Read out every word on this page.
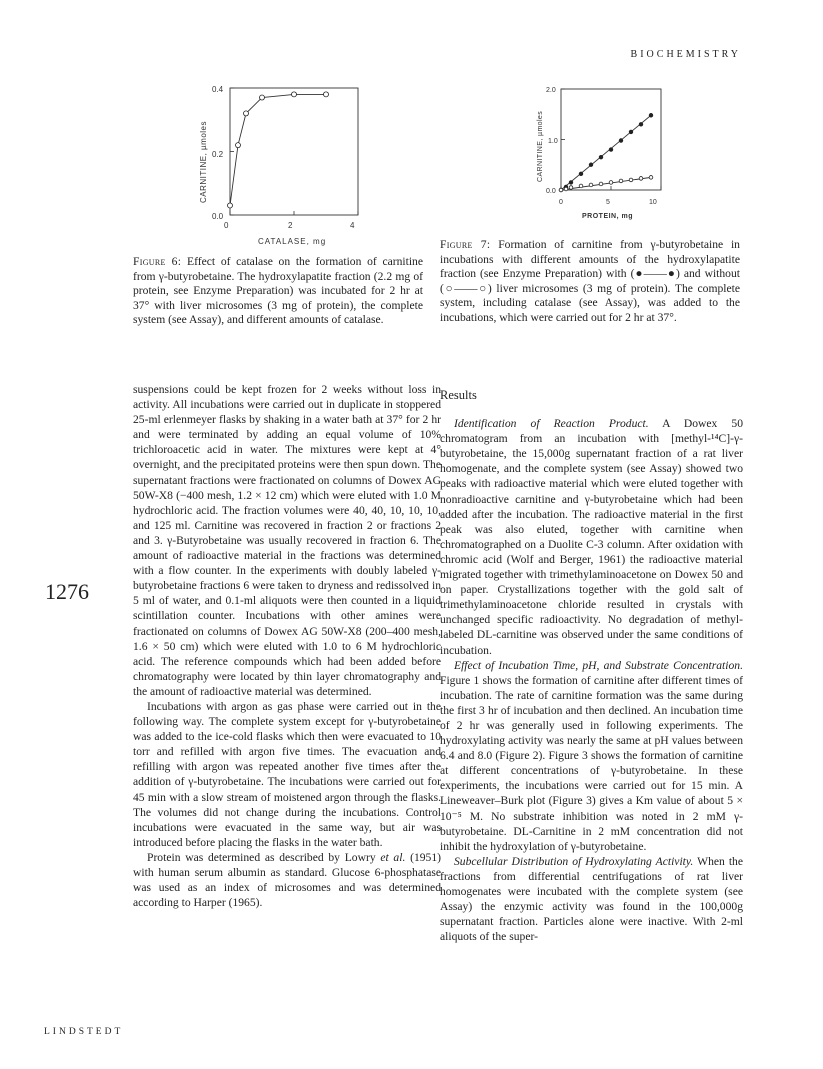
BIOCHEMISTRY
CARNITINE, µmoles
0.4
0.2
0.0
0	2	4
CATALASE, mg
Figure 6: Effect of catalase on the formation of carnitine from γ-butyrobetaine. The hydroxylapatite fraction (2.2 mg of protein, see Enzyme Preparation) was incubated for 2 hr at 37° with liver microsomes (3 mg of protein), the complete system (see Assay), and different amounts of catalase.
CARNITINE, µmoles
2.0
1.0
0.0
0	5	10
PROTEIN, mg
Figure 7: Formation of carnitine from γ-butyrobetaine in incubations with different amounts of the hydroxylapatite fraction (see Enzyme Preparation) with (●——●) and without (○——○) liver microsomes (3 mg of protein). The complete system, including catalase (see Assay), was added to the incubations, which were carried out for 2 hr at 37°.

suspensions could be kept frozen for 2 weeks without loss in activity. All incubations were carried out in duplicate in stoppered 25-ml erlenmeyer flasks by shaking in a water bath at 37° for 2 hr and were terminated by adding an equal volume of 10% trichloroacetic acid in water. The mixtures were kept at 4° overnight, and the precipitated proteins were then spun down. The supernatant fractions were fractionated on columns of Dowex AG 50W-X8 (−400 mesh, 1.2 × 12 cm) which were eluted with 1.0 M hydrochloric acid. The fraction volumes were 40, 40, 10, 10, 10, and 125 ml. Carnitine was recovered in fraction 2 or fractions 2 and 3. γ-Butyrobetaine was usually recovered in fraction 6. The amount of radioactive material in the fractions was determined with a flow counter. In the experiments with doubly labeled γ-butyrobetaine fractions 6 were taken to dryness and redissolved in 5 ml of water, and 0.1-ml aliquots were then counted in a liquid scintillation counter. Incubations with other amines were fractionated on columns of Dowex AG 50W-X8 (200–400 mesh, 1.6 × 50 cm) which were eluted with 1.0 to 6 M hydrochloric acid. The reference compounds which had been added before chromatography were located by thin layer chromatography and the amount of radioactive material was determined.

Incubations with argon as gas phase were carried out in the following way. The complete system except for γ-butyrobetaine was added to the ice-cold flasks which then were evacuated to 10 torr and refilled with argon five times. The evacuation and refilling with argon was repeated another five times after the addition of γ-butyrobetaine. The incubations were carried out for 45 min with a slow stream of moistened argon through the flasks. The volumes did not change during the incubations. Control incubations were evacuated in the same way, but air was introduced before placing the flasks in the water bath.

Protein was determined as described by Lowry et al. (1951) with human serum albumin as standard. Glucose 6-phosphatase was used as an index of microsomes and was determined according to Harper (1965).

Results

Identification of Reaction Product. A Dowex 50 chromatogram from an incubation with [methyl-¹⁴C]-γ-butyrobetaine, the 15,000g supernatant fraction of a rat liver homogenate, and the complete system (see Assay) showed two peaks with radioactive material which were eluted together with nonradioactive carnitine and γ-butyrobetaine which had been added after the incubation. The radioactive material in the first peak was also eluted, together with carnitine when chromatographed on a Duolite C-3 column. After oxidation with chromic acid (Wolf and Berger, 1961) the radioactive material migrated together with trimethylaminoacetone on Dowex 50 and on paper. Crystallizations together with the gold salt of trimethylaminoacetone chloride resulted in crystals with unchanged specific radioactivity. No degradation of methyl-labeled DL-carnitine was observed under the same conditions of incubation.

Effect of Incubation Time, pH, and Substrate Concentration. Figure 1 shows the formation of carnitine after different times of incubation. The rate of carnitine formation was the same during the first 3 hr of incubation and then declined. An incubation time of 2 hr was generally used in following experiments. The hydroxylating activity was nearly the same at pH values between 6.4 and 8.0 (Figure 2). Figure 3 shows the formation of carnitine at different concentrations of γ-butyrobetaine. In these experiments, the incubations were carried out for 15 min. A Lineweaver–Burk plot (Figure 3) gives a Km value of about 5 × 10⁻⁵ M. No substrate inhibition was noted in 2 mM γ-butyrobetaine. DL-Carnitine in 2 mM concentration did not inhibit the hydroxylation of γ-butyrobetaine.

Subcellular Distribution of Hydroxylating Activity. When the fractions from differential centrifugations of rat liver homogenates were incubated with the complete system (see Assay) the enzymic activity was found in the 100,000g supernatant fraction. Particles alone were inactive. With 2-ml aliquots of the super-

1276
LINDSTEDT
